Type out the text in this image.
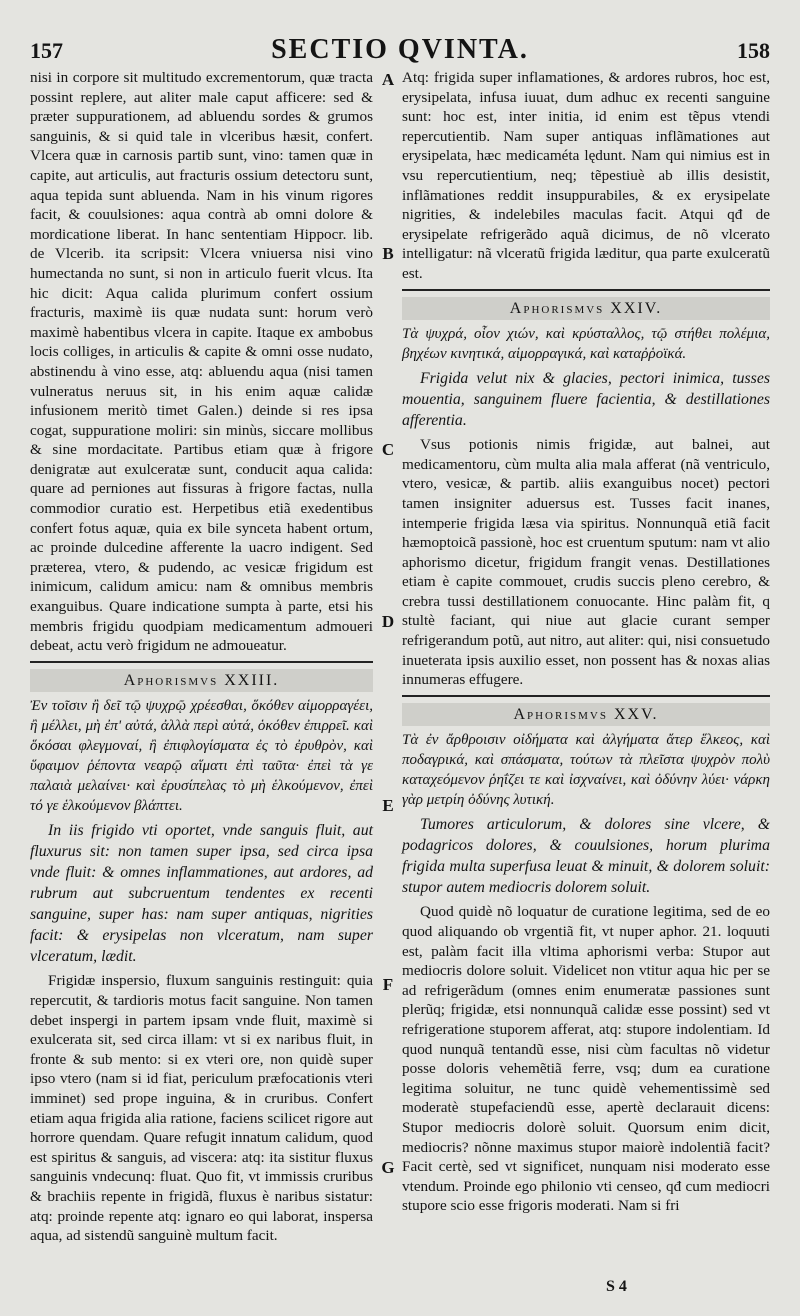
157	SECTIO QVINTA.	158
A
B
C
D
E
F
G

nisi in corpore sit multitudo excrementorum, quæ tracta possint replere, aut aliter male caput afficere: sed & præter suppurationem, ad abluendu sordes & grumos sanguinis, & si quid tale in vlceribus hæsit, confert. Vlcera quæ in carnosis partib sunt, vino: tamen quæ in capite, aut articulis, aut fracturis ossium detectoru sunt, aqua tepida sunt abluenda. Nam in his vinum rigores facit, & couulsiones: aqua contrà ab omni dolore & mordicatione liberat. In hanc sententiam Hippocr. lib. de Vlcerib. ita scripsit: Vlcera vniuersa nisi vino humectanda no sunt, si non in articulo fuerit vlcus. Ita hic dicit: Aqua calida plurimum confert ossium fracturis, maximè iis quæ nudata sunt: horum verò maximè habentibus vlcera in capite. Itaque ex ambobus locis colliges, in articulis & capite & omni osse nudato, abstinendu à vino esse, atq: abluendu aqua (nisi tamen vulneratus neruus sit, in his enim aquæ calidæ infusionem meritò timet Galen.) deinde si res ipsa cogat, suppuratione moliri: sin minùs, siccare mollibus & sine mordacitate. Partibus etiam quæ à frigore denigratæ aut exulceratæ sunt, conducit aqua calida: quare ad perniones aut fissuras à frigore factas, nulla commodior curatio est. Herpetibus etiã exedentibus confert fotus aquæ, quia ex bile synceta habent ortum, ac proinde dulcedine afferente la uacro indigent. Sed præterea, vtero, & pudendo, ac vesicæ frigidum est inimicum, calidum amicu: nam & omnibus membris exanguibus. Quare indicatione sumpta à parte, etsi his membris frigidu quodpiam medicamentum admoueri debeat, actu verò frigidum ne admoueatur.

Aphorismvs XXIII.

Ἐν τοῖσιν ἢ δεῖ τῷ ψυχρῷ χρέεσθαι, ὅκόθεν αἱμορραγέει, ἢ μέλλει, μὴ ἐπ' αὐτά, ἀλλὰ περὶ αὐτά, ὁκόθεν ἐπιρρεῖ. καὶ ὅκόσαι φλεγμοναί, ἢ ἐπιφλογίσματα ἐς τὸ ἐρυθρὸν, καὶ ὕφαιμον ῥέποντα νεαρῷ αἵματι ἐπὶ ταῦτα· ἐπεὶ τὰ γε παλαιὰ μελαίνει· καὶ ἐρυσίπελας τὸ μὴ ἑλκούμενον, ἐπεὶ τό γε ἑλκούμενον βλάπτει.

In iis frigido vti oportet, vnde sanguis fluit, aut fluxurus sit: non tamen super ipsa, sed circa ipsa vnde fluit: & omnes inflammationes, aut ardores, ad rubrum aut subcruentum tendentes ex recenti sanguine, super has: nam super antiquas, nigrities facit: & erysipelas non vlceratum, nam super vlceratum, lædit.

Frigidæ inspersio, fluxum sanguinis restinguit: quia repercutit, & tardioris motus facit sanguine. Non tamen debet inspergi in partem ipsam vnde fluit, maximè si exulcerata sit, sed circa illam: vt si ex naribus fluit, in fronte & sub mento: si ex vteri ore, non quidè super ipso vtero (nam si id fiat, periculum præfocationis vteri imminet) sed prope inguina, & in cruribus. Confert etiam aqua frigida alia ratione, faciens scilicet rigore aut horrore quendam. Quare refugit innatum calidum, quod est spiritus & sanguis, ad viscera: atq: ita sistitur fluxus sanguinis vndecunq: fluat. Quo fit, vt immissis cruribus & brachiis repente in frigidã, fluxus è naribus sistatur: atq: proinde repente atq: ignaro eo qui laborat, inspersa aqua, ad sistendũ sanguinè multum facit.

Atq: frigida super inflamationes, & ardores rubros, hoc est, erysipelata, infusa iuuat, dum adhuc ex recenti sanguine sunt: hoc est, inter initia, id enim est tẽpus vtendi repercutientib. Nam super antiquas inflãmationes aut erysipelata, hæc medicaméta lędunt. Nam qui nimius est in vsu repercutientium, neq; tẽpestiuè ab illis desistit, inflãmationes reddit insuppurabiles, & ex erysipelate nigrities, & indelebiles maculas facit. Atqui qđ de erysipelate refrigerãdo aquã dicimus, de nõ vlcerato intelligatur: nã vlceratũ frigida læditur, qua parte exulceratũ est.

Aphorismvs XXIV.

Τὰ ψυχρά, οἷον χιών, καὶ κρύσταλλος, τῷ στήθει πολέμια, βηχέων κινητικά, αἱμορραγικά, καὶ καταῤῥοϊκά.

Frigida velut nix & glacies, pectori inimica, tusses mouentia, sanguinem fluere facientia, & destillationes afferentia.

Vsus potionis nimis frigidæ, aut balnei, aut medicamentoru, cùm multa alia mala afferat (nã ventriculo, vtero, vesicæ, & partib. aliis exanguibus nocet) pectori tamen insigniter aduersus est. Tusses facit inanes, intemperie frigida læsa via spiritus. Nonnunquã etiã facit hæmoptoicã passionè, hoc est cruentum sputum: nam vt alio aphorismo dicetur, frigidum frangit venas. Destillationes etiam è capite commouet, crudis succis pleno cerebro, & crebra tussi destillationem conuocante. Hinc palàm fit, q stultè faciant, qui niue aut glacie curant semper refrigerandum potũ, aut nitro, aut aliter: qui, nisi consuetudo inueterata ipsis auxilio esset, non possent has & noxas alias innumeras effugere.

Aphorismvs XXV.

Τὰ ἐν ἄρθροισιν οἰδήματα καὶ ἀλγήματα ἄτερ ἕλκεος, καὶ ποδαγρικά, καὶ σπάσματα, τούτων τὰ πλεῖστα ψυχρὸν πολὺ καταχεόμενον ῥηΐζει τε καὶ ἰσχναίνει, καὶ ὀδύνην λύει· νάρκη γὰρ μετρίη ὀδύνης λυτική.

Tumores articulorum, & dolores sine vlcere, & podagricos dolores, & couulsiones, horum plurima frigida multa superfusa leuat & minuit, & dolorem soluit: stupor autem mediocris dolorem soluit.

Quod quidè nõ loquatur de curatione legitima, sed de eo quod aliquando ob vrgentiã fit, vt nuper aphor. 21. loquuti est, palàm facit illa vltima aphorismi verba: Stupor aut mediocris dolore soluit. Videlicet non vtitur aqua hic per se ad refrigerãdum (omnes enim enumeratæ passiones sunt plerũq; frigidæ, etsi nonnunquã calidæ esse possint) sed vt refrigeratione stuporem afferat, atq: stupore indolentiam. Id quod nunquã tentandũ esse, nisi cùm facultas nõ videtur posse doloris vehemẽtiã ferre, vsq; dum ea curatione legitima soluitur, ne tunc quidè vehementissimè sed moderatè stupefaciendũ esse, apertè declarauit dicens: Stupor mediocris dolorè soluit. Quorsum enim dicit, mediocris? nõnne maximus stupor maiorè indolentiã facit? Facit certè, sed vt significet, nunquam nisi moderato esse vtendum. Proinde ego philonio vti censeo, qđ cum mediocri stupore scio esse frigoris moderati. Nam si fri

S 4
